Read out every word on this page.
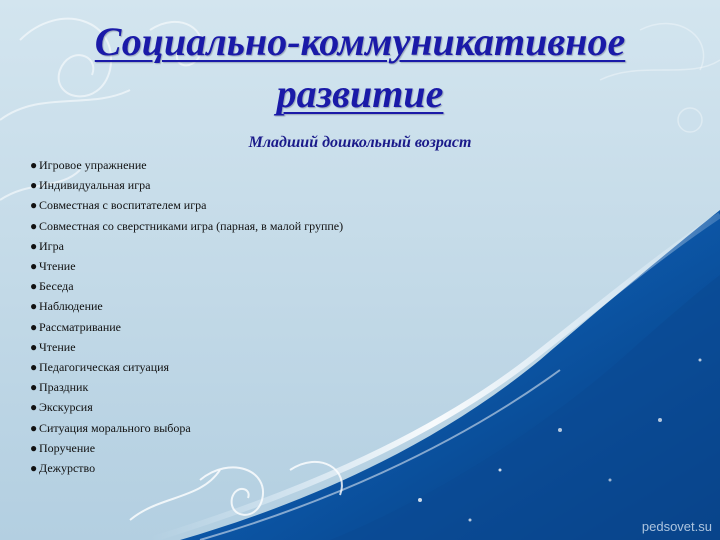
Социально-коммуникативное развитие

Младший дошкольный возраст

● Игровое упражнение
● Индивидуальная игра
● Совместная с воспитателем игра
● Совместная со сверстниками игра (парная, в малой группе)
● Игра
● Чтение
● Беседа
● Наблюдение
● Рассматривание
● Чтение
● Педагогическая ситуация
● Праздник
● Экскурсия
● Ситуация морального выбора
● Поручение
● Дежурство
pedsovet.su
